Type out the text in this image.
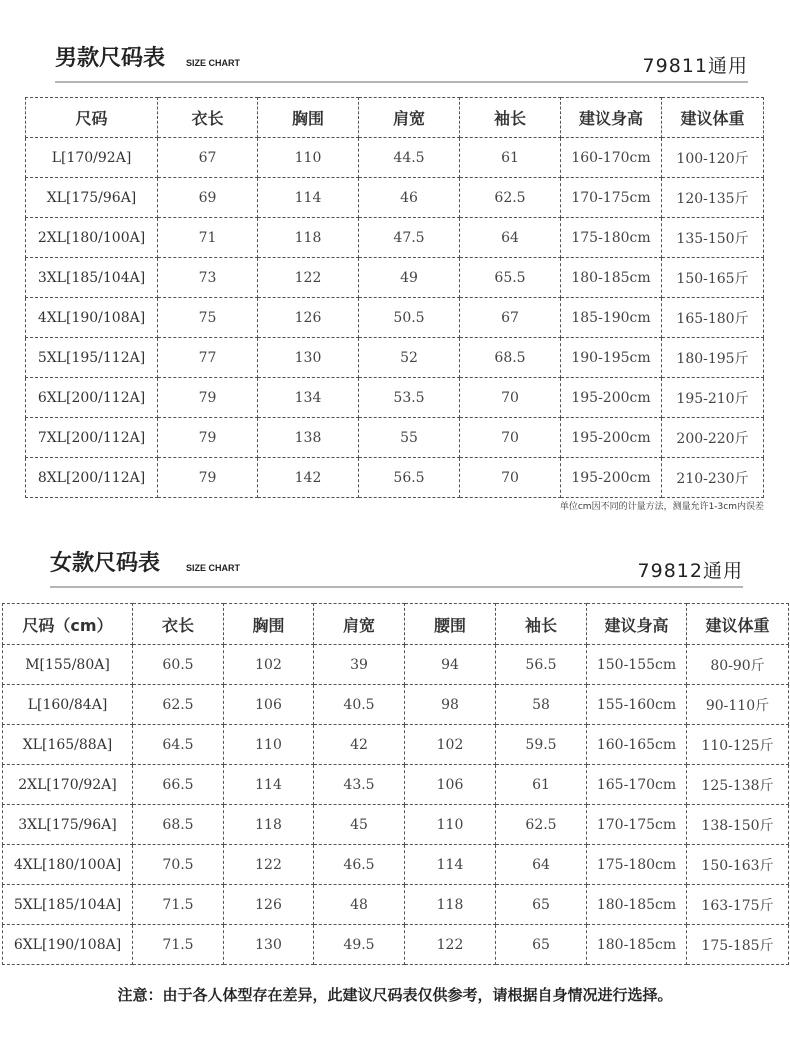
男款尺码表 SIZE CHART	79811通用
尺码	衣长	胸围	肩宽	袖长	建议身高	建议体重
L[170/92A]	67	110	44.5	61	160-170cm	100-120斤
XL[175/96A]	69	114	46	62.5	170-175cm	120-135斤
2XL[180/100A]	71	118	47.5	64	175-180cm	135-150斤
3XL[185/104A]	73	122	49	65.5	180-185cm	150-165斤
4XL[190/108A]	75	126	50.5	67	185-190cm	165-180斤
5XL[195/112A]	77	130	52	68.5	190-195cm	180-195斤
6XL[200/112A]	79	134	53.5	70	195-200cm	195-210斤
7XL[200/112A]	79	138	55	70	195-200cm	200-220斤
8XL[200/112A]	79	142	56.5	70	195-200cm	210-230斤
单位cm因不同的计量方法，测量允许1-3cm内误差
女款尺码表	SIZE CHART	79812通用
尺码（cm）	衣长	胸围	肩宽	腰围	袖长	建议身高	建议体重
M[155/80A]	60.5	102	39	94	56.5	150-155cm	80-90斤
L[160/84A]	62.5	106	40.5	98	58	155-160cm	90-110斤
XL[165/88A]	64.5	110	42	102	59.5	160-165cm	110-125斤
2XL[170/92A]	66.5	114	43.5	106	61	165-170cm	125-138斤
3XL[175/96A]	68.5	118	45	110	62.5	170-175cm	138-150斤
4XL[180/100A]	70.5	122	46.5	114	64	175-180cm	150-163斤
5XL[185/104A]	71.5	126	48	118	65	180-185cm	163-175斤
6XL[190/108A]	71.5	130	49.5	122	65	180-185cm	175-185斤
注意：由于各人体型存在差异，此建议尺码表仅供参考，请根据自身情况进行选择。
